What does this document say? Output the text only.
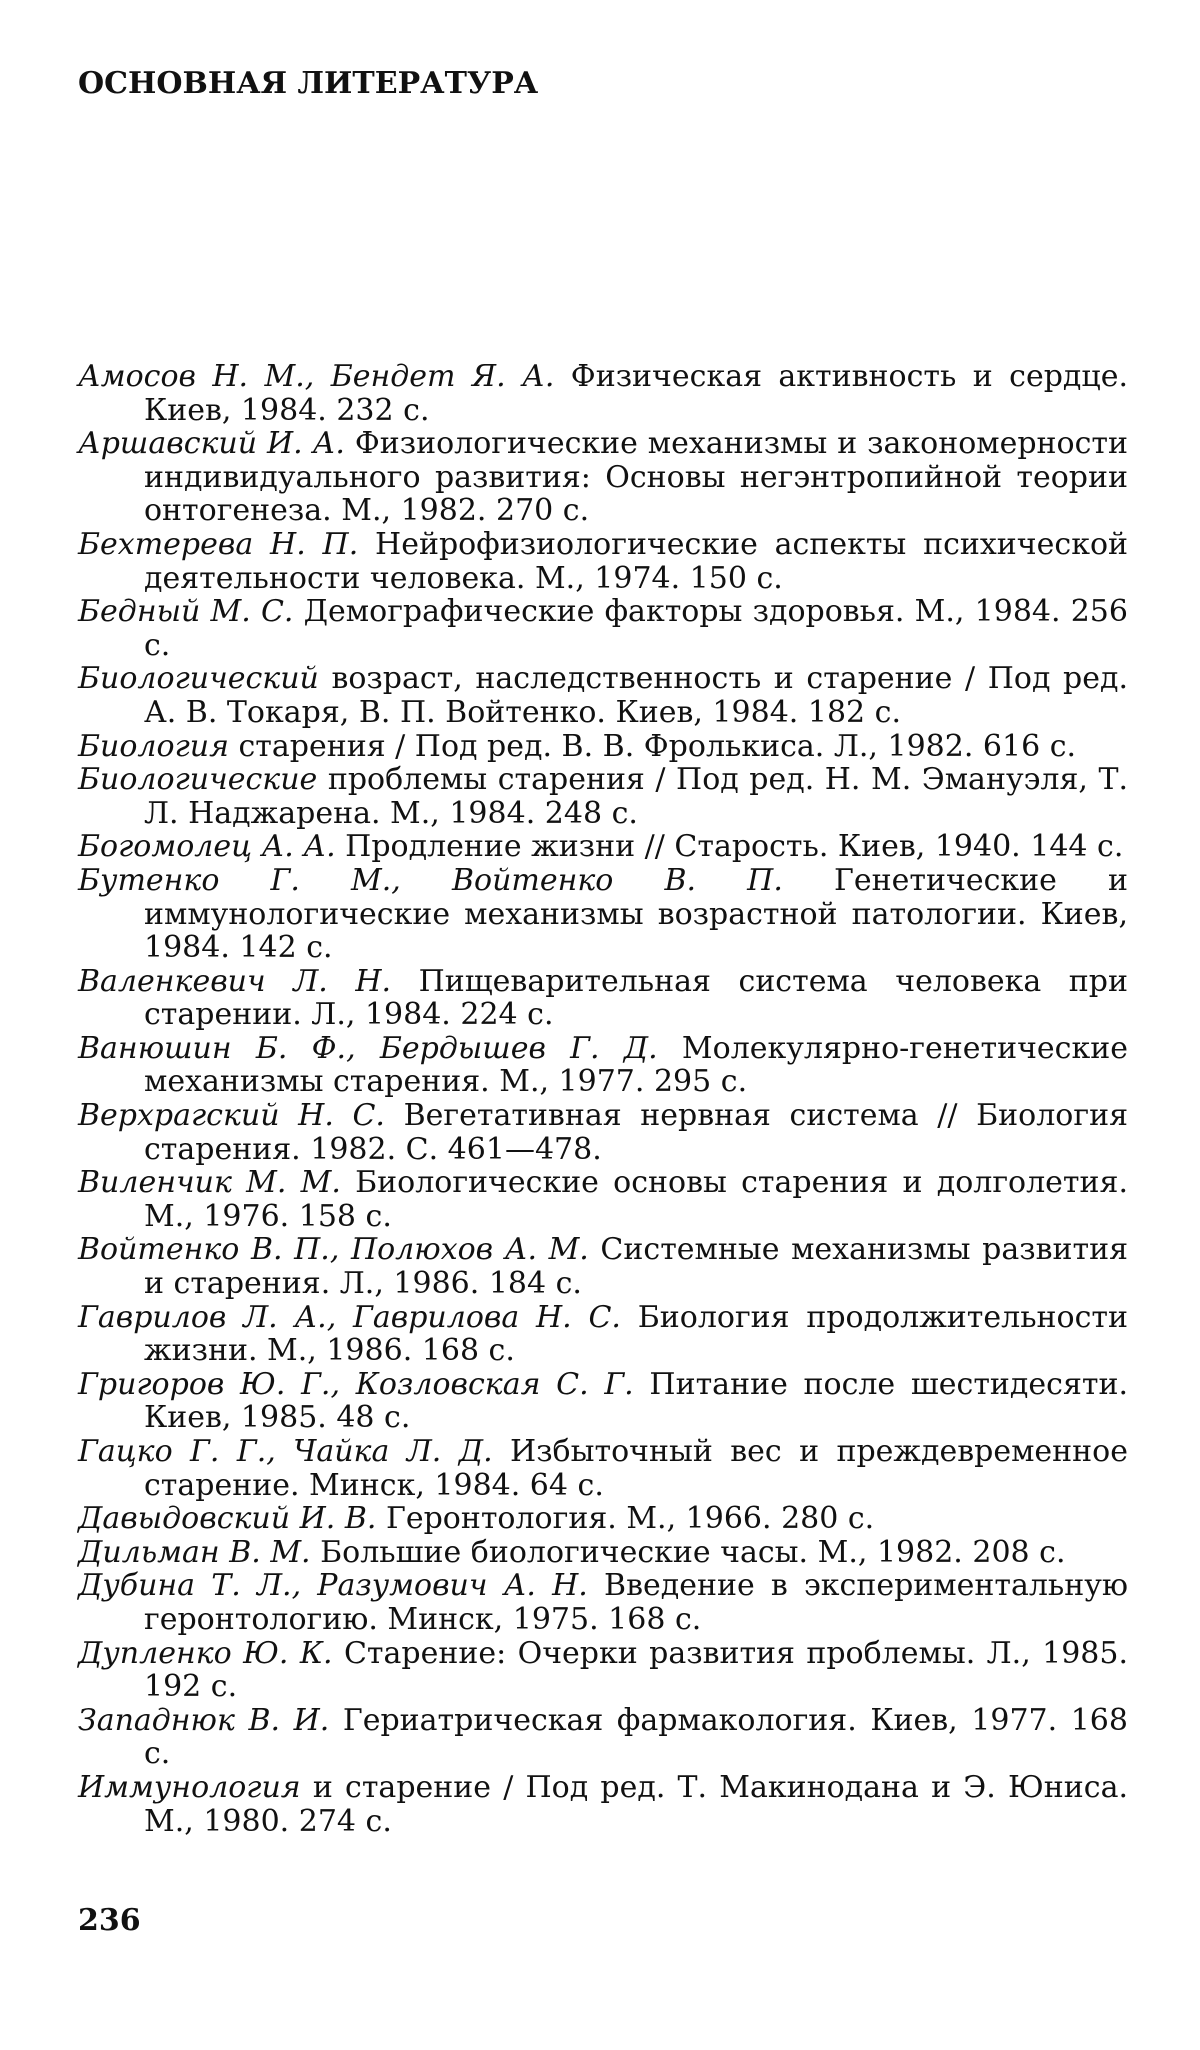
ОСНОВНАЯ ЛИТЕРАТУРА
Амосов Н. М., Бендет Я. А. Физическая активность и сердце. Киев, 1984. 232 с.
Аршавский И. А. Физиологические механизмы и закономерности индивидуального развития: Основы негэнтропийной теории онтогенеза. М., 1982. 270 с.
Бехтерева Н. П. Нейрофизиологические аспекты психической деятельности человека. М., 1974. 150 с.
Бедный М. С. Демографические факторы здоровья. М., 1984. 256 с.
Биологический возраст, наследственность и старение / Под ред. А. В. Токаря, В. П. Войтенко. Киев, 1984. 182 с.
Биология старения / Под ред. В. В. Фролькиса. Л., 1982. 616 с.
Биологические проблемы старения / Под ред. Н. М. Эмануэля, Т. Л. Наджарена. М., 1984. 248 с.
Богомолец А. А. Продление жизни // Старость. Киев, 1940. 144 с.
Бутенко Г. М., Войтенко В. П. Генетические и иммунологические механизмы возрастной патологии. Киев, 1984. 142 с.
Валенкевич Л. Н. Пищеварительная система человека при старении. Л., 1984. 224 с.
Ванюшин Б. Ф., Бердышев Г. Д. Молекулярно-генетические механизмы старения. М., 1977. 295 с.
Верхрагский Н. С. Вегетативная нервная система // Биология старения. 1982. С. 461—478.
Виленчик М. М. Биологические основы старения и долголетия. М., 1976. 158 с.
Войтенко В. П., Полюхов А. М. Системные механизмы развития и старения. Л., 1986. 184 с.
Гаврилов Л. А., Гаврилова Н. С. Биология продолжительности жизни. М., 1986. 168 с.
Григоров Ю. Г., Козловская С. Г. Питание после шестидесяти. Киев, 1985. 48 с.
Гацко Г. Г., Чайка Л. Д. Избыточный вес и преждевременное старение. Минск, 1984. 64 с.
Давыдовский И. В. Геронтология. М., 1966. 280 с.
Дильман В. М. Большие биологические часы. М., 1982. 208 с.
Дубина Т. Л., Разумович А. Н. Введение в экспериментальную геронтологию. Минск, 1975. 168 с.
Дупленко Ю. К. Старение: Очерки развития проблемы. Л., 1985. 192 с.
Западнюк В. И. Гериатрическая фармакология. Киев, 1977. 168 с.
Иммунология и старение / Под ред. Т. Макинодана и Э. Юниса. М., 1980. 274 с.
236
